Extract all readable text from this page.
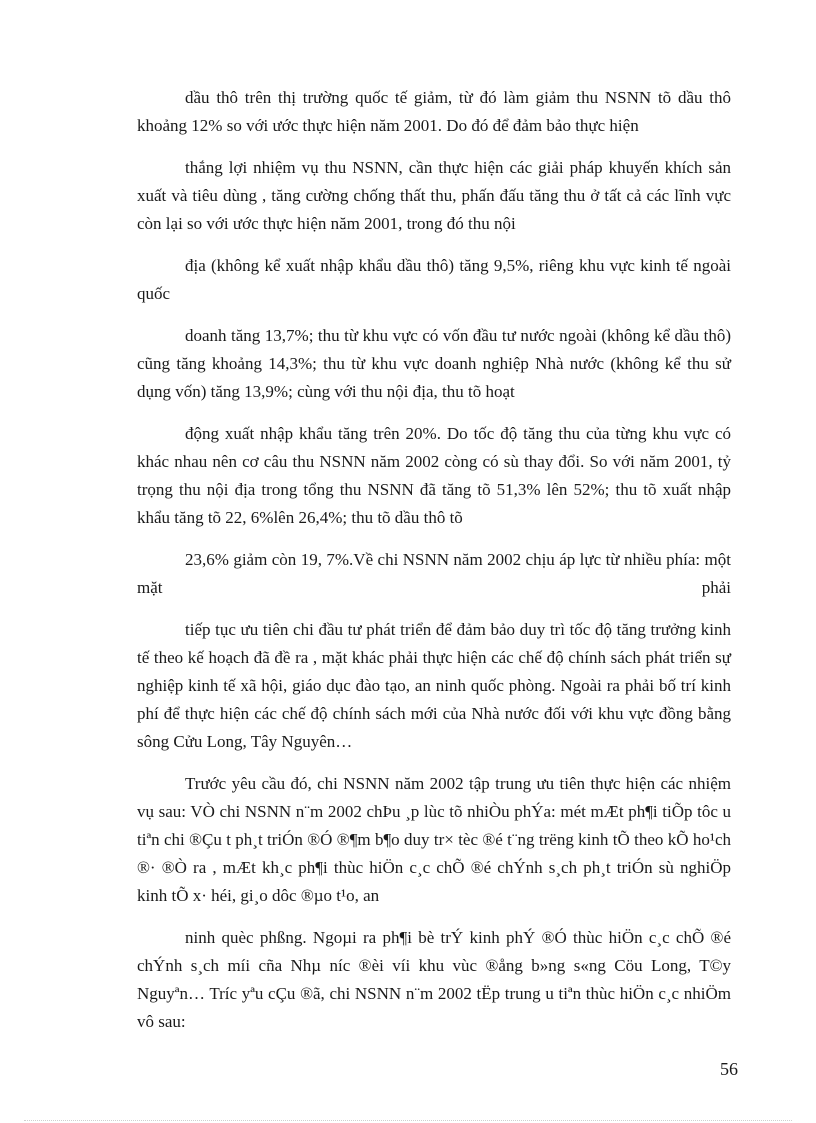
dầu thô trên thị trường quốc tế giảm, từ đó làm giảm thu NSNN tõ dầu thô khoảng 12% so với ước thực hiện năm 2001. Do đó để đảm bảo thực hiện

thắng lợi nhiệm vụ thu NSNN, cần thực hiện các giải pháp khuyến khích sản xuất và tiêu dùng , tăng cường chống thất thu, phấn đấu tăng thu ở tất cả các lĩnh vực còn lại so với ước thực hiện năm 2001, trong đó thu nội

địa (không kể xuất nhập khẩu dầu thô) tăng 9,5%, riêng khu vực kinh tế ngoài quốc

doanh tăng 13,7%; thu từ khu vực có vốn đầu tư nước ngoài (không kể dầu thô) cũng tăng khoảng 14,3%; thu từ khu vực doanh nghiệp Nhà nước (không kể thu sử dụng vốn) tăng 13,9%; cùng với thu nội địa, thu tõ hoạt

động xuất nhập khẩu tăng trên 20%. Do tốc độ tăng thu của từng khu vực có khác nhau nên cơ câu thu NSNN năm 2002 còng có sù thay đổi. So với năm 2001, tỷ trọng thu nội địa trong tổng thu NSNN đã tăng tõ 51,3% lên 52%; thu tõ xuất nhập khẩu tăng tõ 22, 6%lên 26,4%; thu tõ dầu thô tõ

23,6% giảm còn 19, 7%.Về chi NSNN năm 2002 chịu áp lực từ nhiều phía: một mặt phải

tiếp tục ưu tiên chi đầu tư phát triển để đảm bảo duy trì tốc độ tăng trưởng kinh tế theo kế hoạch đã đề ra , mặt khác phải thực hiện các chế độ chính sách phát triển sự nghiệp kinh tế xã hội, giáo dục đào tạo, an ninh quốc phòng. Ngoài ra phải bố trí kinh phí để thực hiện các chế độ chính sách mới của Nhà nước đối với khu vực đồng bằng sông Cửu Long, Tây Nguyên…

Trước yêu cầu đó, chi NSNN năm 2002 tập trung ưu tiên thực hiện các nhiệm vụ sau: VÒ chi NSNN n¨m 2002 chÞu ¸p lùc tõ nhiÒu phÝa: mét mÆt ph¶i tiÕp tôc u tiªn chi ®Çu t ph¸t triÓn ®Ó ®¶m b¶o duy tr× tèc ®é t¨ng trëng kinh tÕ theo kÕ ho¹ch ®· ®Ò ra , mÆt kh¸c ph¶i thùc hiÖn c¸c chÕ ®é chÝnh s¸ch ph¸t triÓn sù nghiÖp kinh tÕ x· héi, gi¸o dôc ®µo t¹o, an

ninh quèc phßng. Ngoµi ra ph¶i bè trÝ kinh phÝ ®Ó thùc hiÖn c¸c chÕ ®é chÝnh s¸ch míi cña Nhµ níc ®èi víi khu vùc ®ång b»ng s«ng Cöu Long, T©y Nguyªn… Tríc yªu cÇu ®ã, chi NSNN n¨m 2002 tËp trung u tiªn thùc hiÖn c¸c nhiÖm vô sau:

56
